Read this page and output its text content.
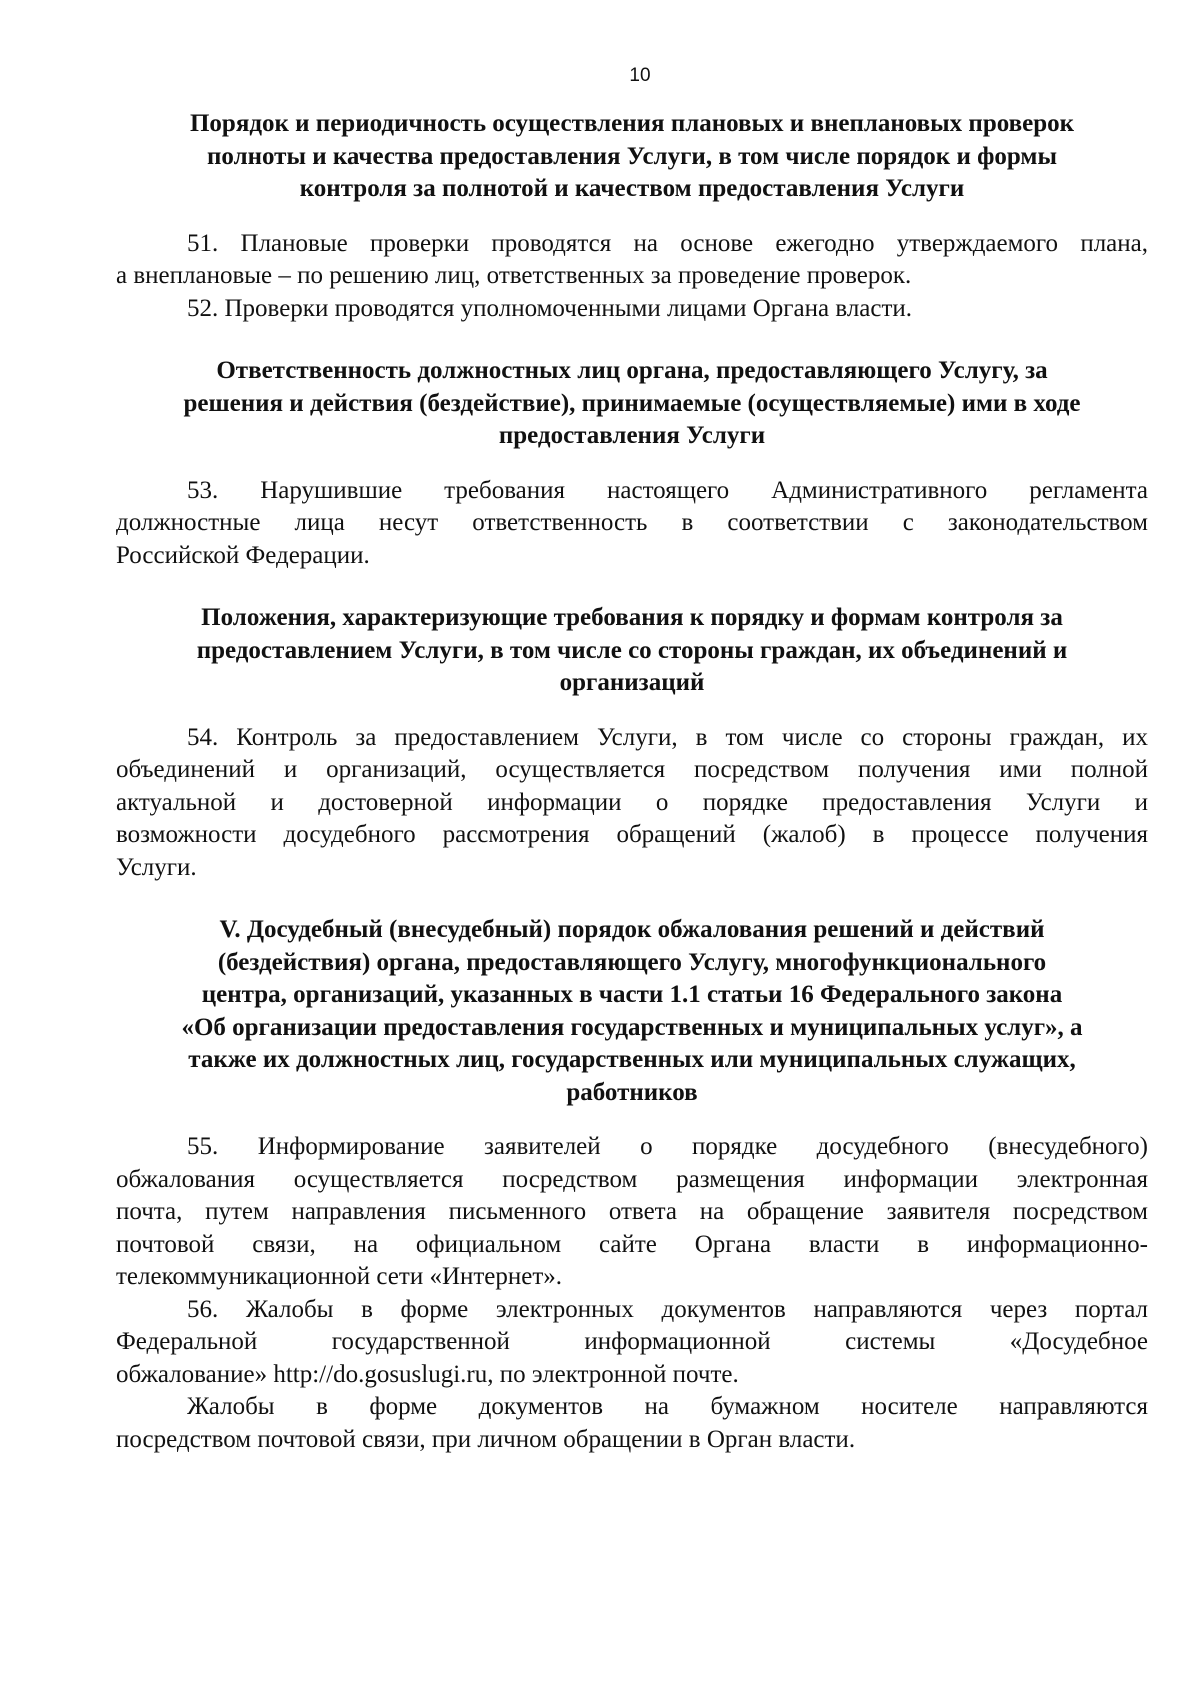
10
Порядок и периодичность осуществления плановых и внеплановых проверок
полноты и качества предоставления Услуги, в том числе порядок и формы
контроля за полнотой и качеством предоставления Услуги
51. Плановые проверки проводятся на основе ежегодно утверждаемого плана,
а внеплановые – по решению лиц, ответственных за проведение проверок.
52. Проверки проводятся уполномоченными лицами Органа власти.
Ответственность должностных лиц органа, предоставляющего Услугу, за
решения и действия (бездействие), принимаемые (осуществляемые) ими в ходе
предоставления Услуги
53. Нарушившие требования настоящего Административного регламента
должностные лица несут ответственность в соответствии с законодательством
Российской Федерации.
Положения, характеризующие требования к порядку и формам контроля за
предоставлением Услуги, в том числе со стороны граждан, их объединений и
организаций
54. Контроль за предоставлением Услуги, в том числе со стороны граждан, их
объединений и организаций, осуществляется посредством получения ими полной
актуальной и достоверной информации о порядке предоставления Услуги и
возможности досудебного рассмотрения обращений (жалоб) в процессе получения
Услуги.
V. Досудебный (внесудебный) порядок обжалования решений и действий
(бездействия) органа, предоставляющего Услугу, многофункционального
центра, организаций, указанных в части 1.1 статьи 16 Федерального закона
«Об организации предоставления государственных и муниципальных услуг», а
также их должностных лиц, государственных или муниципальных служащих,
работников
55. Информирование заявителей о порядке досудебного (внесудебного)
обжалования осуществляется посредством размещения информации электронная
почта, путем направления письменного ответа на обращение заявителя посредством
почтовой связи, на официальном сайте Органа власти в информационно-
телекоммуникационной сети «Интернет».
56. Жалобы в форме электронных документов направляются через портал
Федеральной государственной информационной системы «Досудебное
обжалование» http://do.gosuslugi.ru, по электронной почте.
Жалобы в форме документов на бумажном носителе направляются
посредством почтовой связи, при личном обращении в Орган власти.
